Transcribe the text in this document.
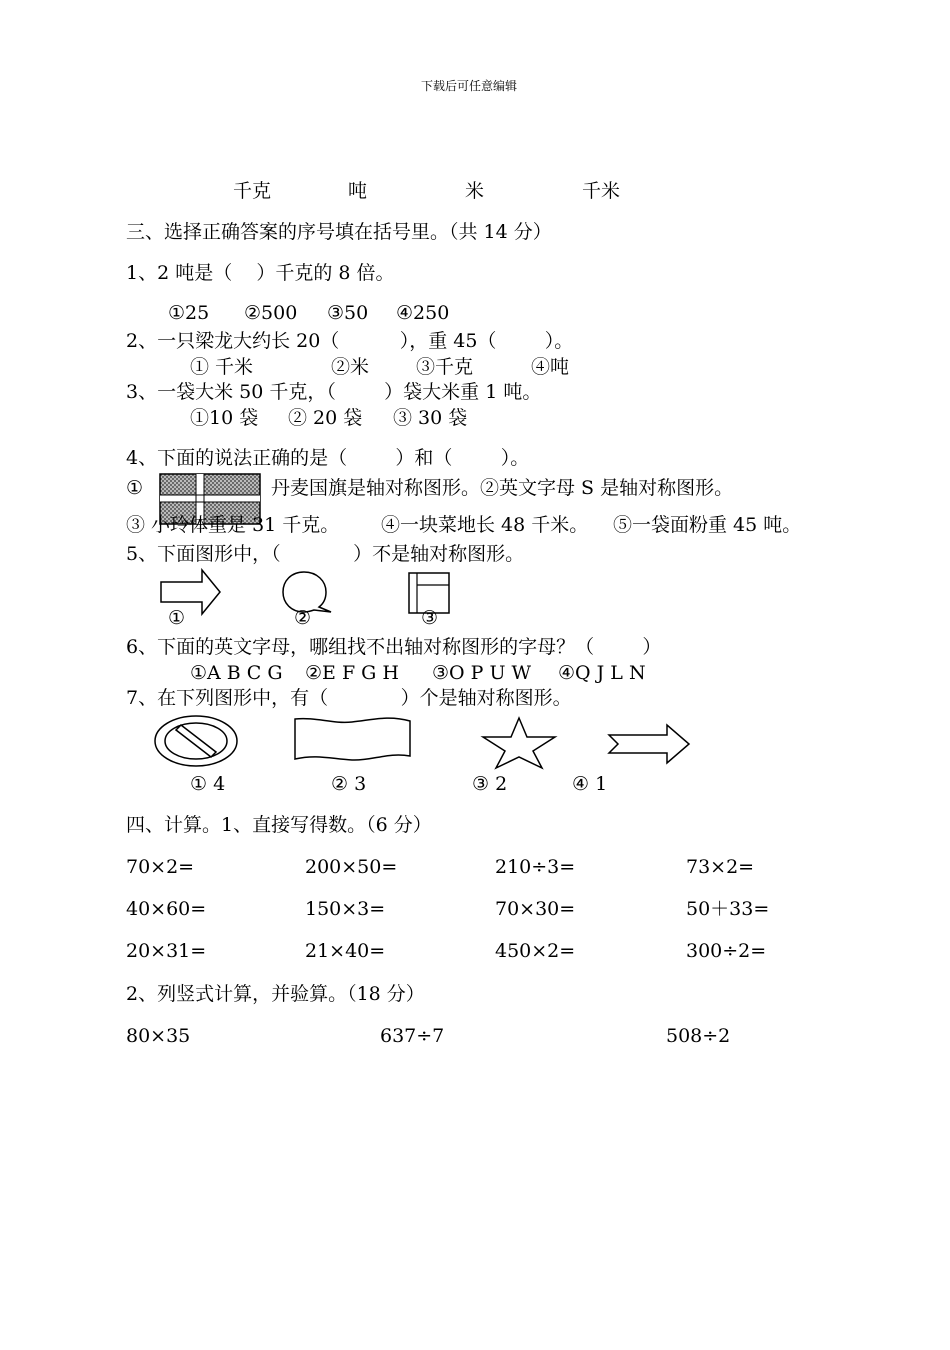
下载后可任意编辑
千克	吨	米	千米
三、选择正确答案的序号填在括号里。（共 14 分）
1、2 吨是（    ）千克的 8 倍。
①25 ②500 ③50 ④250
2、一只梁龙大约长 20（          ），重 45（        ）。
① 千米	②米 ③千克	④吨
3、一袋大米 50 千克，（        ）袋大米重 1 吨。
①10 袋 ② 20 袋 ③ 30 袋
4、下面的说法正确的是（        ）和（        ）。
①	丹麦国旗是轴对称图形。②英文字母 S 是轴对称图形。
③ 小玲体重是 31 千克。 ④一块菜地长 48 千米。 ⑤一袋面粉重 45 吨。
5、下面图形中，（            ）不是轴对称图形。
①	②	③
6、下面的英文字母，哪组找不出轴对称图形的字母？（        ）
①A B C G ②E F G H ③O P U W ④Q J L N
7、在下列图形中，有（            ）个是轴对称图形。
① 4	② 3	③ 2	④ 1
四、计算。1、直接写得数。（6 分）
70×2=	200×50=	210÷3=	73×2=
40×60=	150×3=	70×30=	50＋33=
20×31=	21×40=	450×2=	300÷2=
2、列竖式计算，并验算。（18 分）
80×35	637÷7	508÷2
